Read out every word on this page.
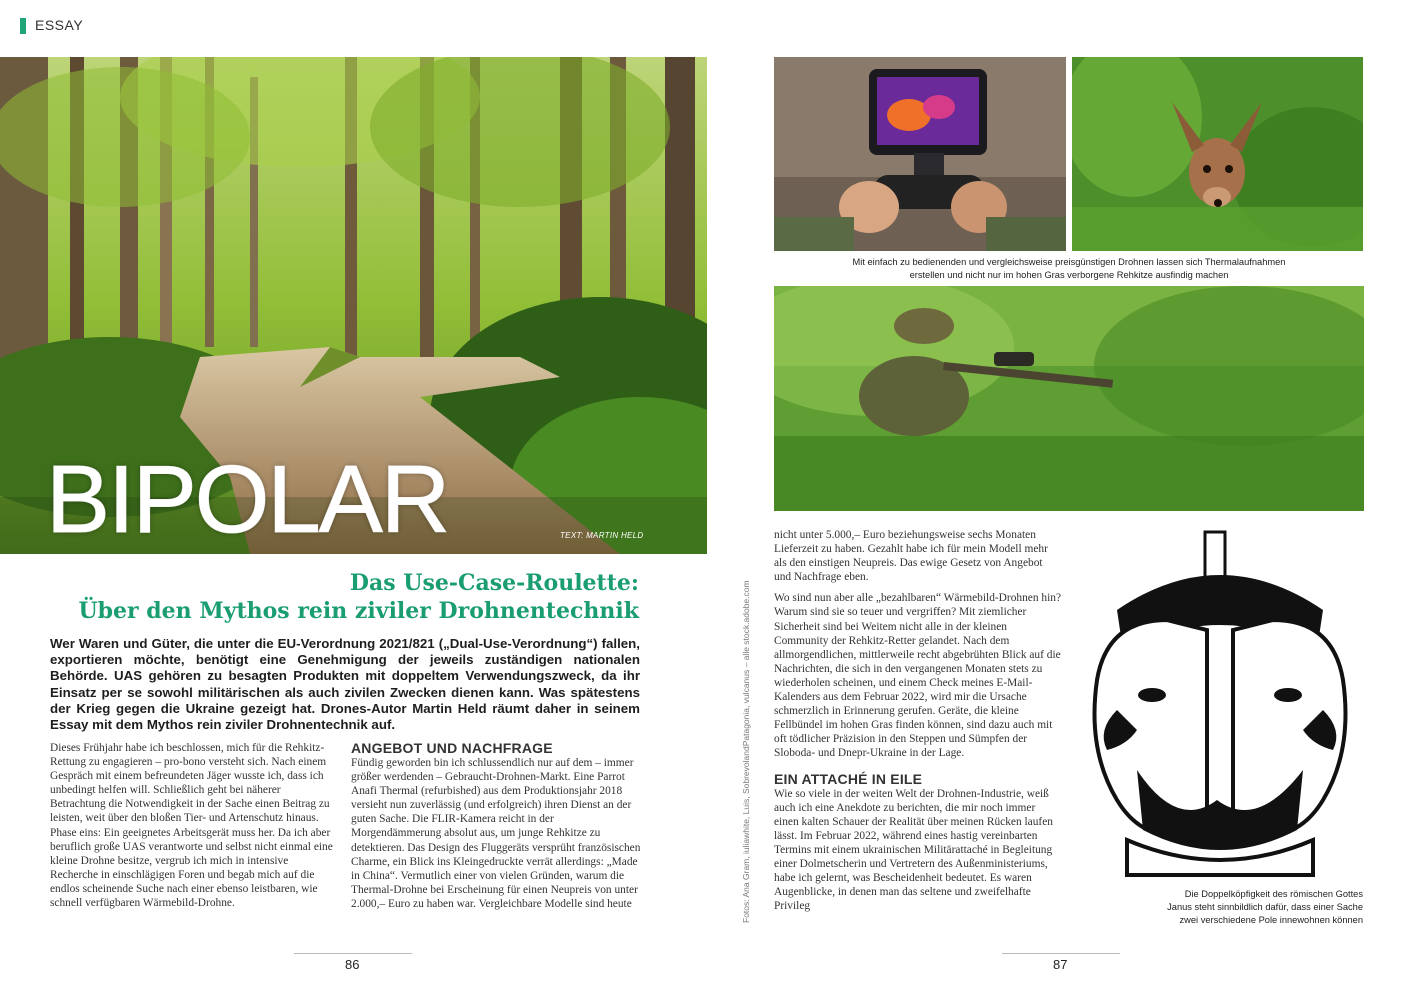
ESSAY
BIPOLAR	TEXT: MARTIN HELD
Das Use-Case-Roulette:
Über den Mythos rein ziviler Drohnentechnik
Wer Waren und Güter, die unter die EU-Verordnung 2021/821 („Dual-Use-Verordnung“) fallen, exportieren möchte, benötigt eine Genehmigung der jeweils zuständigen nationalen Behörde. UAS gehören zu besagten Produkten mit doppeltem Verwendungszweck, da ihr Einsatz per se sowohl militärischen als auch zivilen Zwecken dienen kann. Was spätestens der Krieg gegen die Ukraine gezeigt hat. Drones-Autor Martin Held räumt daher in seinem Essay mit dem Mythos rein ziviler Drohnentechnik auf.

Dieses Frühjahr habe ich beschlossen, mich für die Rehkitz-Rettung zu engagieren – pro-bono versteht sich. Nach einem Gespräch mit einem befreundeten Jäger wusste ich, dass ich unbedingt helfen will. Schließlich geht bei näherer Betrachtung die Notwendigkeit in der Sache einen Beitrag zu leisten, weit über den bloßen Tier- und Artenschutz hinaus. Phase eins: Ein geeignetes Arbeitsgerät muss her. Da ich aber beruflich große UAS verantworte und selbst nicht einmal eine kleine Drohne besitze, vergrub ich mich in intensive Recherche in einschlägigen Foren und begab mich auf die endlos scheinende Suche nach einer ebenso leistbaren, wie schnell verfügbaren Wärmebild-Drohne.

ANGEBOT UND NACHFRAGE

Fündig geworden bin ich schlussendlich nur auf dem – immer größer werdenden – Gebraucht-Drohnen-Markt. Eine Parrot Anafi Thermal (refurbished) aus dem Produktionsjahr 2018 versieht nun zuverlässig (und erfolgreich) ihren Dienst an der guten Sache. Die FLIR-Kamera reicht in der Morgendämmerung absolut aus, um junge Rehkitze zu detektieren. Das Design des Fluggeräts versprüht französischen Charme, ein Blick ins Kleingedruckte verrät allerdings: „Made in China“. Vermutlich einer von vielen Gründen, warum die Thermal-Drohne bei Erscheinung für einen Neupreis von unter 2.000,– Euro zu haben war. Vergleichbare Modelle sind heute

86
Fotos: Ana Gram, iuliawhite, Luis, SobrevolandPatagonia, vulcanus – alle stock.adobe.com
Mit einfach zu bedienenden und vergleichsweise preisgünstigen Drohnen lassen sich Thermalaufnahmen
erstellen und nicht nur im hohen Gras verborgene Rehkitze ausfindig machen

nicht unter 5.000,– Euro beziehungsweise sechs Monaten Lieferzeit zu haben. Gezahlt habe ich für mein Modell mehr als den einstigen Neupreis. Das ewige Gesetz von Angebot und Nachfrage eben.

Wo sind nun aber alle „bezahlbaren“ Wärmebild-Drohnen hin? Warum sind sie so teuer und vergriffen? Mit ziemlicher Sicherheit sind bei Weitem nicht alle in der kleinen Community der Rehkitz-Retter gelandet. Nach dem allmorgendlichen, mittlerweile recht abgebrühten Blick auf die Nachrichten, die sich in den vergangenen Monaten stets zu wiederholen scheinen, und einem Check meines E-Mail-Kalenders aus dem Februar 2022, wird mir die Ursache schmerzlich in Erinnerung gerufen. Geräte, die kleine Fellbündel im hohen Gras finden können, sind dazu auch mit oft tödlicher Präzision in den Steppen und Sümpfen der Sloboda- und Dnepr-Ukraine in der Lage.

EIN ATTACHÉ IN EILE

Wie so viele in der weiten Welt der Drohnen-Industrie, weiß auch ich eine Anekdote zu berichten, die mir noch immer einen kalten Schauer der Realität über meinen Rücken laufen lässt. Im Februar 2022, während eines hastig vereinbarten Termins mit einem ukrainischen Militärattaché in Begleitung einer Dolmetscherin und Vertretern des Außenministeriums, habe ich gelernt, was Bescheidenheit bedeutet. Es waren Augenblicke, in denen man das seltene und zweifelhafte Privileg

Die Doppelköpfigkeit des römischen Gottes
Janus steht sinnbildlich dafür, dass einer Sache
zwei verschiedene Pole innewohnen können
87
